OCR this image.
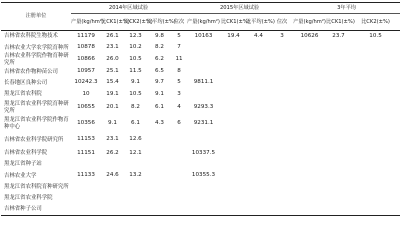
注册单位	2014年区域试验					2015年区域试验				3年平均		
	产量(kg/hm²)	比CK1(±%)	比CK2(±%)	比平均(±%)	位次	产量(kg/hm²)	比CK1(±%)	比平均(±%)	位次	产量(kg/hm²)	比CK1(±%)	比CK2(±%)
吉林省农科院生物技术	11179	26.1	12.3	9.8	5	10163	19.4	4.4	3	10626	23.7	10.5
吉林农业大学农学院育种所	10878	23.1	10.2	8.2	7							
吉林农业科学院作物育种研究所	10866	26.0	10.5	6.2	11							
吉林省农作物种苗公司	10957	25.1	11.5	6.5	8							
长春地区良种公司	10242.3	15.4	9.1	9.7	5	9811.1						
黑龙江省农科院	10	19.1	10.5	9.1	3							
黑龙江省农业科学院育种研究所	10655	20.1	8.2	6.1	4	9293.3						
黑龙江省农业科学院作物育种中心	10356	9.1	6.1	4.3	6	9231.1						
吉林省农业科学院研究所	11153	23.1	12.6									
吉林省农业科学院	11151	26.2	12.1			10337.5						
黑龙江省种子站												
吉林农业大学	11133	24.6	13.2			10355.3						
黑龙江省农科院育种研究所												
黑龙江省农业科学院												
吉林省种子公司												
